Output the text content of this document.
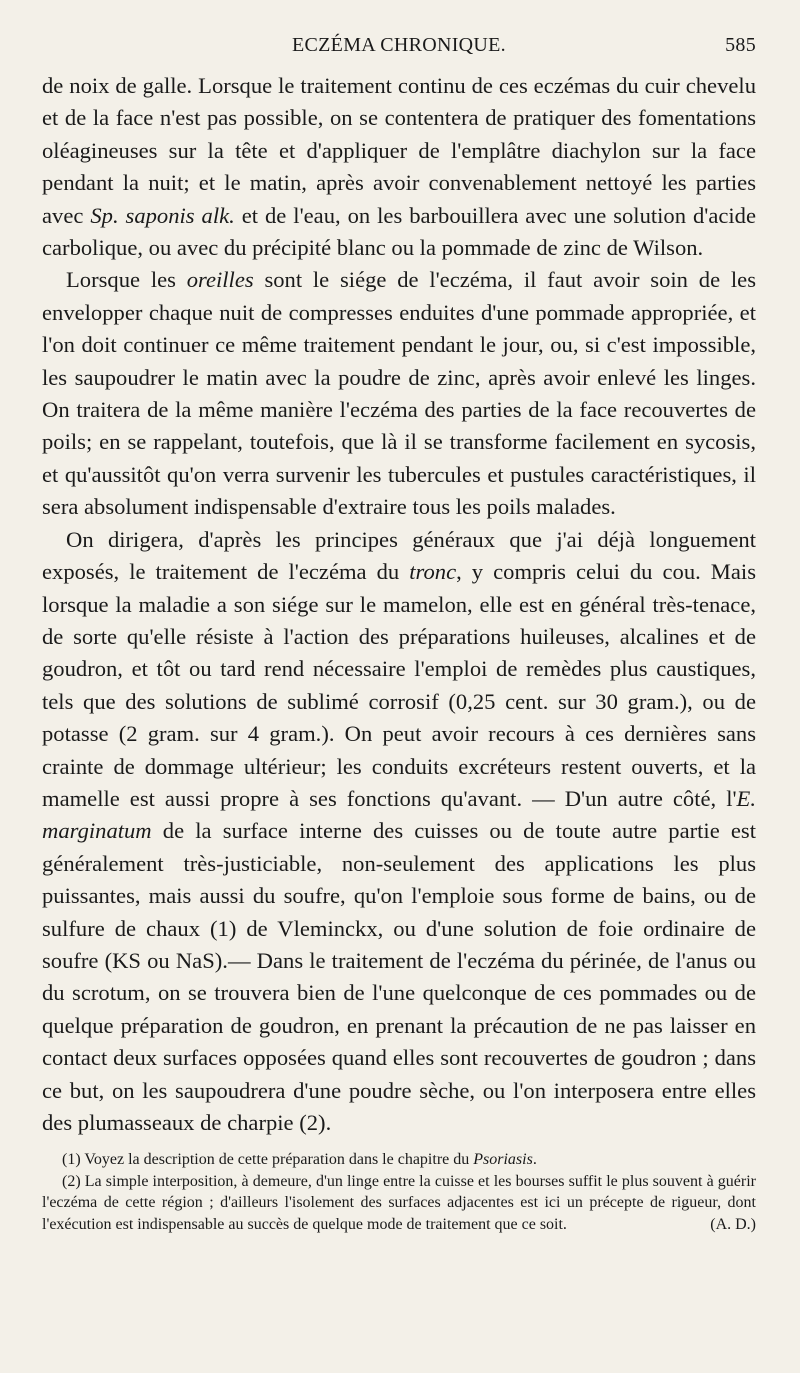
ECZÉMA CHRONIQUE.	585

de noix de galle. Lorsque le traitement continu de ces eczémas du cuir chevelu et de la face n'est pas possible, on se contentera de pratiquer des fomentations oléagineuses sur la tête et d'appliquer de l'emplâtre diachylon sur la face pendant la nuit; et le matin, après avoir convenablement nettoyé les parties avec Sp. saponis alk. et de l'eau, on les barbouillera avec une solution d'acide carbolique, ou avec du précipité blanc ou la pommade de zinc de Wilson.

Lorsque les oreilles sont le siége de l'eczéma, il faut avoir soin de les envelopper chaque nuit de compresses enduites d'une pommade appropriée, et l'on doit continuer ce même traitement pendant le jour, ou, si c'est impossible, les saupoudrer le matin avec la poudre de zinc, après avoir enlevé les linges. On traitera de la même manière l'eczéma des parties de la face recouvertes de poils; en se rappelant, toutefois, que là il se transforme facilement en sycosis, et qu'aussitôt qu'on verra survenir les tubercules et pustules caractéristiques, il sera absolument indispensable d'extraire tous les poils malades.

On dirigera, d'après les principes généraux que j'ai déjà longuement exposés, le traitement de l'eczéma du tronc, y compris celui du cou. Mais lorsque la maladie a son siége sur le mamelon, elle est en général très-tenace, de sorte qu'elle résiste à l'action des préparations huileuses, alcalines et de goudron, et tôt ou tard rend nécessaire l'emploi de remèdes plus caustiques, tels que des solutions de sublimé corrosif (0,25 cent. sur 30 gram.), ou de potasse (2 gram. sur 4 gram.). On peut avoir recours à ces dernières sans crainte de dommage ultérieur; les conduits excréteurs restent ouverts, et la mamelle est aussi propre à ses fonctions qu'avant. — D'un autre côté, l'E. marginatum de la surface interne des cuisses ou de toute autre partie est généralement très-justiciable, non-seulement des applications les plus puissantes, mais aussi du soufre, qu'on l'emploie sous forme de bains, ou de sulfure de chaux (1) de Vleminckx, ou d'une solution de foie ordinaire de soufre (KS ou NaS).— Dans le traitement de l'eczéma du périnée, de l'anus ou du scrotum, on se trouvera bien de l'une quelconque de ces pommades ou de quelque préparation de goudron, en prenant la précaution de ne pas laisser en contact deux surfaces opposées quand elles sont recouvertes de goudron ; dans ce but, on les saupoudrera d'une poudre sèche, ou l'on interposera entre elles des plumasseaux de charpie (2).

(1) Voyez la description de cette préparation dans le chapitre du Psoriasis.

(2) La simple interposition, à demeure, d'un linge entre la cuisse et les bourses suffit le plus souvent à guérir l'eczéma de cette région ; d'ailleurs l'isolement des surfaces adjacentes est ici un précepte de rigueur, dont l'exécution est indispensable au succès de quelque mode de traitement que ce soit.	(A. D.)
